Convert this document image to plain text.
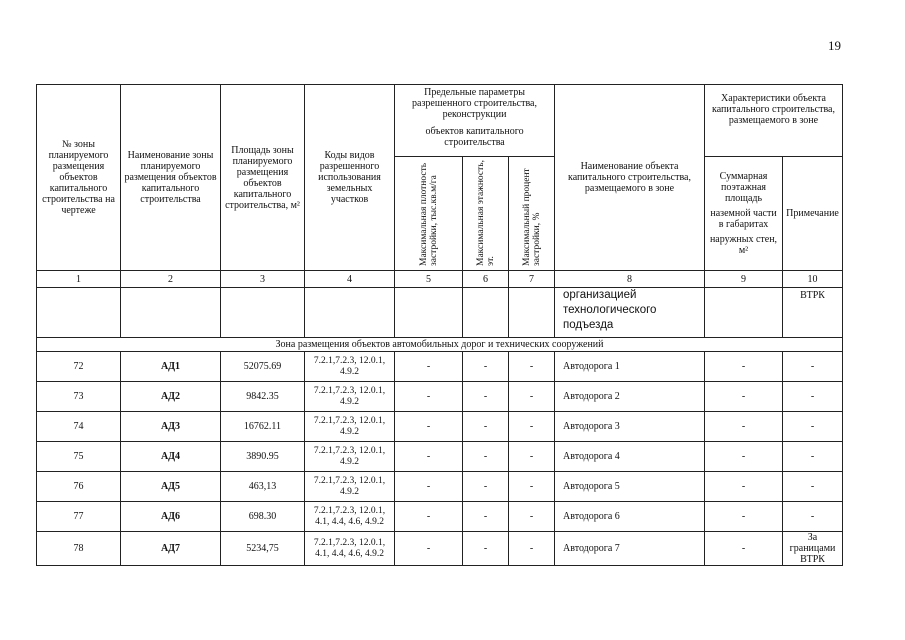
19
№ зоны планируемого размещения объектов капитального строительства на чертеже	Наименование зоны планируемого размещения объектов капитального строительства	Площадь зоны планируемого размещения объектов капитального строительства, м²	Коды видов разрешенного использования земельных участков	Предельные параметры разрешенного строительства, реконструкции
объектов капитального строительства			Наименование объекта капитального строительства, размещаемого в зоне	Характеристики объекта капитального строительства, размещаемого в зоне	
				Максимальная плотность застройки, тыс.кв.м/га	Максимальная этажность, эт.	Максимальный процент застройки, %		Суммарная поэтажная площадь
наземной части в габаритах
наружных стен, м²	Примечание
1	2	3	4	5	6	7	8	9	10

							организацией
технологического
подъезда		ВТРК
Зона размещения объектов автомобильных дорог и технических сооружений									
72	АД1	52075.69	7.2.1,7.2.3, 12.0.1,
4.9.2	-	-	-	Автодорога 1	-	-
73	АД2	9842.35	7.2.1,7.2.3, 12.0.1,
4.9.2	-	-	-	Автодорога 2	-	-
74	АД3	16762.11	7.2.1,7.2.3, 12.0.1,
4.9.2	-	-	-	Автодорога 3	-	-
75	АД4	3890.95	7.2.1,7.2.3, 12.0.1,
4.9.2	-	-	-	Автодорога 4	-	-
76	АД5	463,13	7.2.1,7.2.3, 12.0.1,
4.9.2	-	-	-	Автодорога 5	-	-
77	АД6	698.30	7.2.1,7.2.3, 12.0.1,
4.1, 4.4, 4.6, 4.9.2	-	-	-	Автодорога 6	-	-
78	АД7	5234,75	7.2.1,7.2.3, 12.0.1,
4.1, 4.4, 4.6, 4.9.2	-	-	-	Автодорога 7	-	За границами ВТРК
